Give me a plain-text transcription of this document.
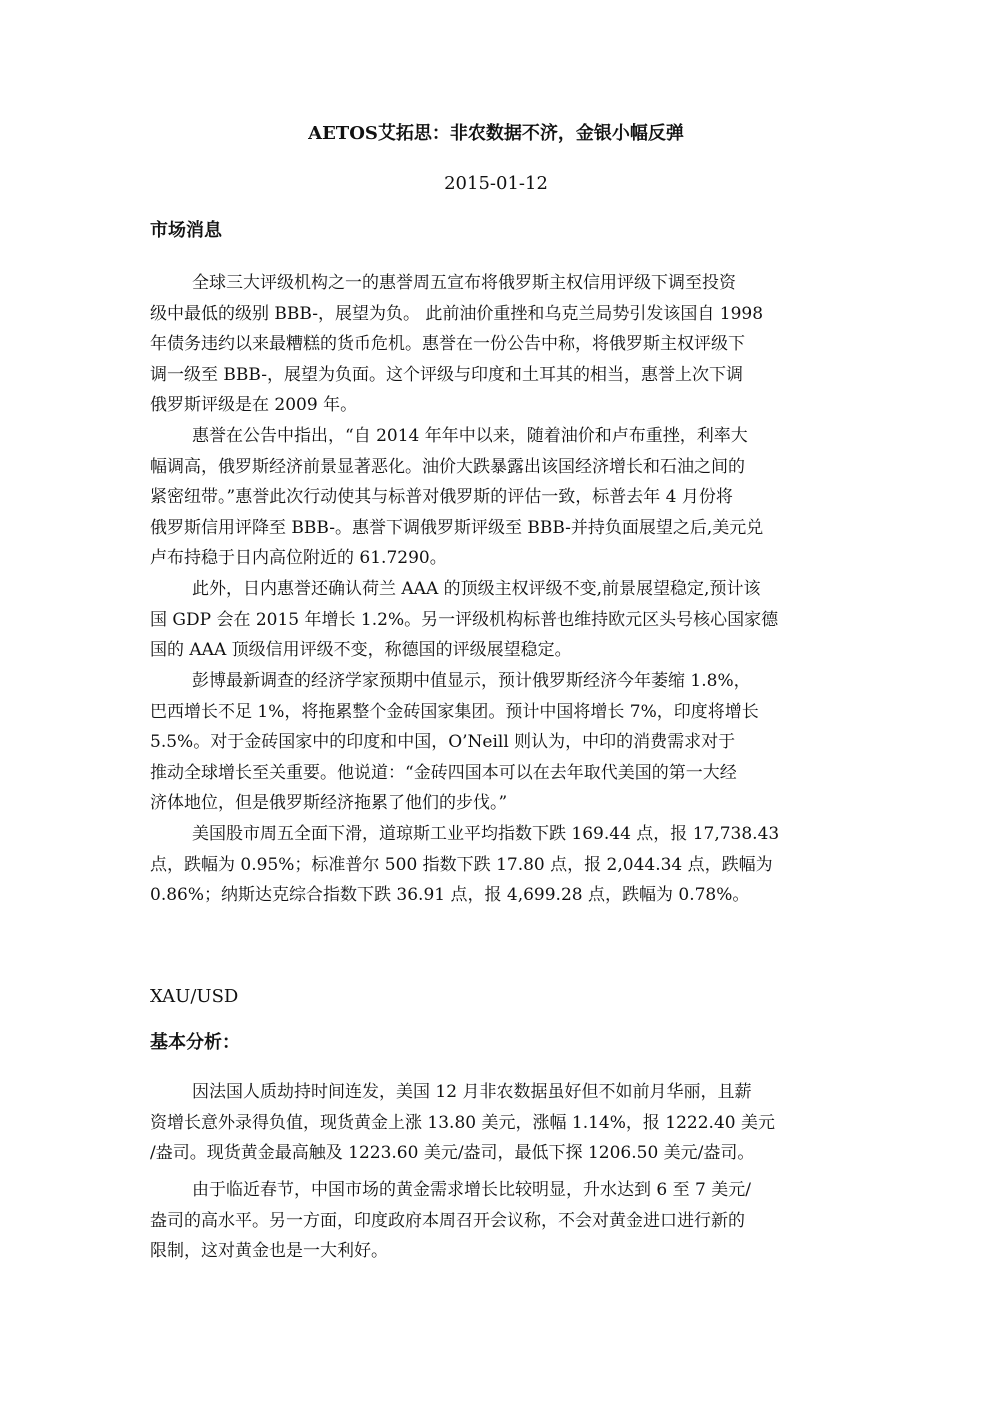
AETOS艾拓思：非农数据不济，金银小幅反弹
2015-01-12
市场消息
全球三大评级机构之一的惠誉周五宣布将俄罗斯主权信用评级下调至投资
级中最低的级别 BBB-，展望为负。 此前油价重挫和乌克兰局势引发该国自 1998
年债务违约以来最糟糕的货币危机。惠誉在一份公告中称，将俄罗斯主权评级下
调一级至 BBB-，展望为负面。这个评级与印度和土耳其的相当，惠誉上次下调
俄罗斯评级是在 2009 年。
惠誉在公告中指出，“自 2014 年年中以来，随着油价和卢布重挫，利率大
幅调高，俄罗斯经济前景显著恶化。油价大跌暴露出该国经济增长和石油之间的
紧密纽带。”惠誉此次行动使其与标普对俄罗斯的评估一致，标普去年 4 月份将
俄罗斯信用评降至 BBB-。惠誉下调俄罗斯评级至 BBB-并持负面展望之后,美元兑
卢布持稳于日内高位附近的 61.7290。
此外，日内惠誉还确认荷兰 AAA 的顶级主权评级不变,前景展望稳定,预计该
国 GDP 会在 2015 年增长 1.2%。另一评级机构标普也维持欧元区头号核心国家德
国的 AAA 顶级信用评级不变，称德国的评级展望稳定。
彭博最新调查的经济学家预期中值显示，预计俄罗斯经济今年萎缩 1.8%，
巴西增长不足 1%，将拖累整个金砖国家集团。预计中国将增长 7%，印度将增长
5.5%。对于金砖国家中的印度和中国，O’Neill 则认为，中印的消费需求对于
推动全球增长至关重要。他说道：“金砖四国本可以在去年取代美国的第一大经
济体地位，但是俄罗斯经济拖累了他们的步伐。”
美国股市周五全面下滑，道琼斯工业平均指数下跌 169.44 点，报 17,738.43
点，跌幅为 0.95%；标准普尔 500 指数下跌 17.80 点，报 2,044.34 点，跌幅为
0.86%；纳斯达克综合指数下跌 36.91 点，报 4,699.28 点，跌幅为 0.78%。
XAU/USD
基本分析：
因法国人质劫持时间连发，美国 12 月非农数据虽好但不如前月华丽，且薪
资增长意外录得负值，现货黄金上涨 13.80 美元，涨幅 1.14%，报 1222.40 美元
/盎司。现货黄金最高触及 1223.60 美元/盎司，最低下探 1206.50 美元/盎司。
由于临近春节，中国市场的黄金需求增长比较明显，升水达到 6 至 7 美元/
盎司的高水平。另一方面，印度政府本周召开会议称，不会对黄金进口进行新的
限制，这对黄金也是一大利好。
